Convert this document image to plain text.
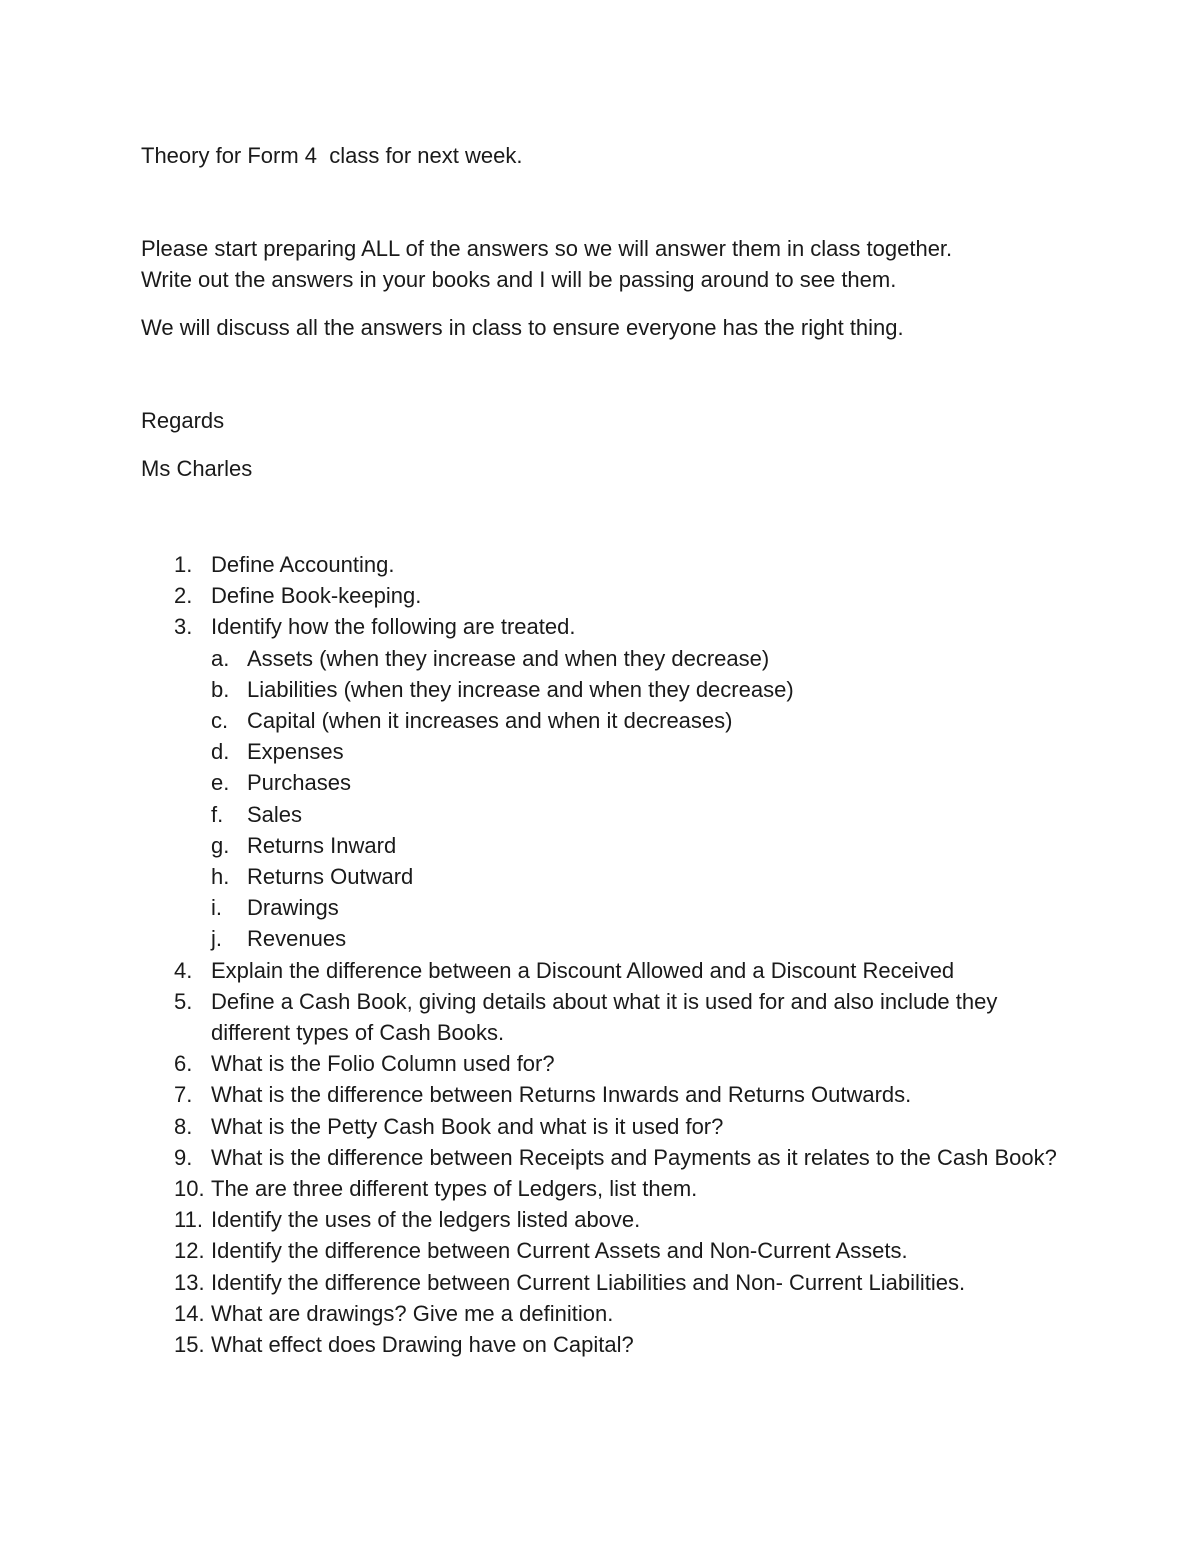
Theory for Form 4  class for next week.

Please start preparing ALL of the answers so we will answer them in class together.

Write out the answers in your books and I will be passing around to see them.

We will discuss all the answers in class to ensure everyone has the right thing.

Regards

Ms Charles

1. Define Accounting.
2. Define Book-keeping.
3. Identify how the following are treated.
a. Assets (when they increase and when they decrease)
b. Liabilities (when they increase and when they decrease)
c. Capital (when it increases and when it decreases)
d. Expenses
e. Purchases
f. Sales
g. Returns Inward
h. Returns Outward
i. Drawings
j. Revenues
4. Explain the difference between a Discount Allowed and a Discount Received
5. Define a Cash Book, giving details about what it is used for and also include they different types of Cash Books.
6. What is the Folio Column used for?
7. What is the difference between Returns Inwards and Returns Outwards.
8. What is the Petty Cash Book and what is it used for?
9. What is the difference between Receipts and Payments as it relates to the Cash Book?
10. The are three different types of Ledgers, list them.
11. Identify the uses of the ledgers listed above.
12. Identify the difference between Current Assets and Non-Current Assets.
13. Identify the difference between Current Liabilities and Non- Current Liabilities.
14. What are drawings? Give me a definition.
15. What effect does Drawing have on Capital?
